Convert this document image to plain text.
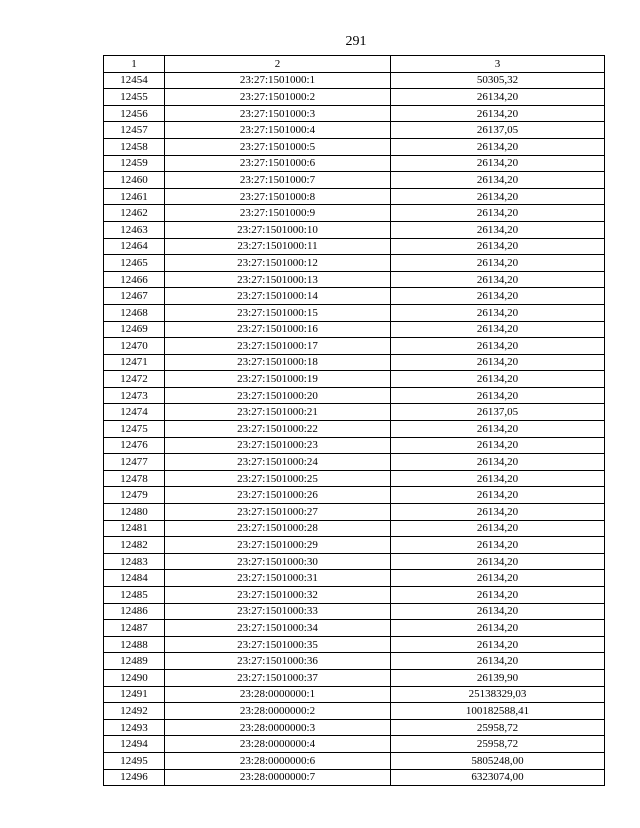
291
1	2	3
12454	23:27:1501000:1	50305,32
12455	23:27:1501000:2	26134,20
12456	23:27:1501000:3	26134,20
12457	23:27:1501000:4	26137,05
12458	23:27:1501000:5	26134,20
12459	23:27:1501000:6	26134,20
12460	23:27:1501000:7	26134,20
12461	23:27:1501000:8	26134,20
12462	23:27:1501000:9	26134,20
12463	23:27:1501000:10	26134,20
12464	23:27:1501000:11	26134,20
12465	23:27:1501000:12	26134,20
12466	23:27:1501000:13	26134,20
12467	23:27:1501000:14	26134,20
12468	23:27:1501000:15	26134,20
12469	23:27:1501000:16	26134,20
12470	23:27:1501000:17	26134,20
12471	23:27:1501000:18	26134,20
12472	23:27:1501000:19	26134,20
12473	23:27:1501000:20	26134,20
12474	23:27:1501000:21	26137,05
12475	23:27:1501000:22	26134,20
12476	23:27:1501000:23	26134,20
12477	23:27:1501000:24	26134,20
12478	23:27:1501000:25	26134,20
12479	23:27:1501000:26	26134,20
12480	23:27:1501000:27	26134,20
12481	23:27:1501000:28	26134,20
12482	23:27:1501000:29	26134,20
12483	23:27:1501000:30	26134,20
12484	23:27:1501000:31	26134,20
12485	23:27:1501000:32	26134,20
12486	23:27:1501000:33	26134,20
12487	23:27:1501000:34	26134,20
12488	23:27:1501000:35	26134,20
12489	23:27:1501000:36	26134,20
12490	23:27:1501000:37	26139,90
12491	23:28:0000000:1	25138329,03
12492	23:28:0000000:2	100182588,41
12493	23:28:0000000:3	25958,72
12494	23:28:0000000:4	25958,72
12495	23:28:0000000:6	5805248,00
12496	23:28:0000000:7	6323074,00
